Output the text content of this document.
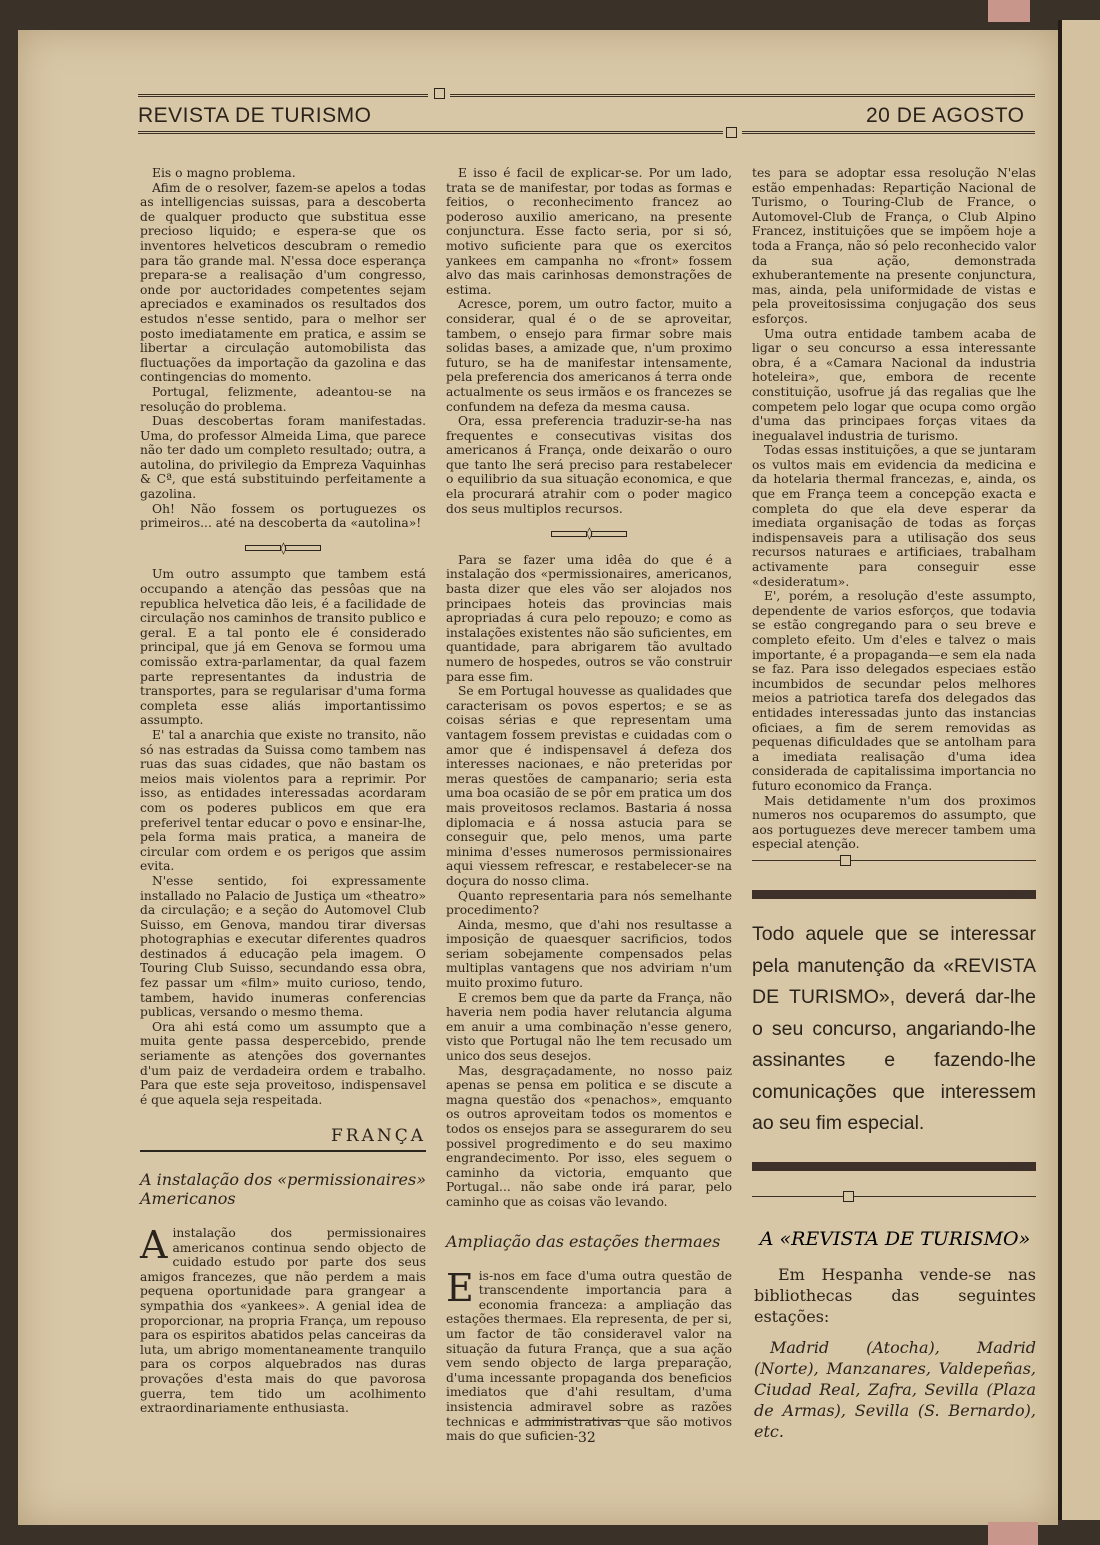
REVISTA DE TURISMO	20 DE AGOSTO

Eis o magno problema.

Afim de o resolver, fazem-se apelos a todas as intelligencias suissas, para a descoberta de qualquer producto que substitua esse precioso liquido; e espera-se que os inventores helveticos descubram o remedio para tão grande mal. N'essa doce esperança prepara-se a realisação d'um congresso, onde por auctoridades competentes sejam apreciados e examinados os resultados dos estudos n'esse sentido, para o melhor ser posto imediatamente em pratica, e assim se libertar a circulação automobilista das fluctuações da importação da gazolina e das contingencias do momento.

Portugal, felizmente, adeantou-se na resolução do problema.

Duas descobertas foram manifestadas. Uma, do professor Almeida Lima, que parece não ter dado um completo resultado; outra, a autolina, do privilegio da Empreza Vaquinhas & Cª, que está substituindo perfeitamente a gazolina.

Oh! Não fossem os portuguezes os primeiros... até na descoberta da «autolina»!

◊

Um outro assumpto que tambem está occupando a atenção das pessôas que na republica helvetica dão leis, é a facilidade de circulação nos caminhos de transito publico e geral. E a tal ponto ele é considerado principal, que já em Genova se formou uma comissão extra-parlamentar, da qual fazem parte representantes da industria de transportes, para se regularisar d'uma forma completa esse aliás importantissimo assumpto.

E' tal a anarchia que existe no transito, não só nas estradas da Suissa como tambem nas ruas das suas cidades, que não bastam os meios mais violentos para a reprimir. Por isso, as entidades interessadas acordaram com os poderes publicos em que era preferivel tentar educar o povo e ensinar-lhe, pela forma mais pratica, a maneira de circular com ordem e os perigos que assim evita.

N'esse sentido, foi expressamente installado no Palacio de Justiça um «theatro» da circulação; e a seção do Automovel Club Suisso, em Genova, mandou tirar diversas photographias e executar diferentes quadros destinados á educação pela imagem. O Touring Club Suisso, secundando essa obra, fez passar um «film» muito curioso, tendo, tambem, havido inumeras conferencias publicas, versando o mesmo thema.

Ora ahi está como um assumpto que a muita gente passa despercebido, prende seriamente as atenções dos governantes d'um paiz de verdadeira ordem e trabalho. Para que este seja proveitoso, indispensavel é que aquela seja respeitada.

FRANÇA
A instalação dos «permissionaires» Americanos

Ainstalação dos permissionaires americanos continua sendo objecto de cuidado estudo por parte dos seus amigos francezes, que não perdem a mais pequena oportunidade para grangear a sympathia dos «yankees». A genial idea de proporcionar, na propria França, um repouso para os espiritos abatidos pelas canceiras da luta, um abrigo momentaneamente tranquilo para os corpos alquebrados nas duras provações d'esta mais do que pavorosa guerra, tem tido um acolhimento extraordinariamente enthusiasta.

E isso é facil de explicar-se. Por um lado, trata se de manifestar, por todas as formas e feitios, o reconhecimento francez ao poderoso auxilio americano, na presente conjunctura. Esse facto seria, por si só, motivo suficiente para que os exercitos yankees em campanha no «front» fossem alvo das mais carinhosas demonstrações de estima.

Acresce, porem, um outro factor, muito a considerar, qual é o de se aproveitar, tambem, o ensejo para firmar sobre mais solidas bases, a amizade que, n'um proximo futuro, se ha de manifestar intensamente, pela preferencia dos americanos á terra onde actualmente os seus irmãos e os francezes se confundem na defeza da mesma causa.

Ora, essa preferencia traduzir-se-ha nas frequentes e consecutivas visitas dos americanos á França, onde deixarão o ouro que tanto lhe será preciso para restabelecer o equilibrio da sua situação economica, e que ela procurará atrahir com o poder magico dos seus multiplos recursos.

◊

Para se fazer uma idêa do que é a instalação dos «permissionaires, americanos, basta dizer que eles vão ser alojados nos principaes hoteis das provincias mais apropriadas á cura pelo repouzo; e como as instalações existentes não são suficientes, em quantidade, para abrigarem tão avultado numero de hospedes, outros se vão construir para esse fim.

Se em Portugal houvesse as qualidades que caracterisam os povos espertos; e se as coisas sérias e que representam uma vantagem fossem previstas e cuidadas com o amor que é indispensavel á defeza dos interesses nacionaes, e não preteridas por meras questões de campanario; seria esta uma boa ocasião de se pôr em pratica um dos mais proveitosos reclamos. Bastaria á nossa diplomacia e á nossa astucia para se conseguir que, pelo menos, uma parte minima d'esses numerosos permissionaires aqui viessem refrescar, e restabelecer-se na doçura do nosso clima.

Quanto representaria para nós semelhante procedimento?

Ainda, mesmo, que d'ahi nos resultasse a imposição de quaesquer sacrificios, todos seriam sobejamente compensados pelas multiplas vantagens que nos adviriam n'um muito proximo futuro.

E cremos bem que da parte da França, não haveria nem podia haver relutancia alguma em anuir a uma combinação n'esse genero, visto que Portugal não lhe tem recusado um unico dos seus desejos.

Mas, desgraçadamente, no nosso paiz apenas se pensa em politica e se discute a magna questão dos «penachos», emquanto os outros aproveitam todos os momentos e todos os ensejos para se assegurarem do seu possivel progredimento e do seu maximo engrandecimento. Por isso, eles seguem o caminho da victoria, emquanto que Portugal... não sabe onde irá parar, pelo caminho que as coisas vão levando.

Ampliação das estações thermaes

Eis-nos em face d'uma outra questão de transcendente importancia para a economia franceza: a ampliação das estações thermaes. Ela representa, de per si, um factor de tão consideravel valor na situação da futura França, que a sua ação vem sendo objecto de larga preparação, d'uma incessante propaganda dos beneficios imediatos que d'ahi resultam, d'uma insistencia admiravel sobre as razões technicas e administrativas que são motivos mais do que suficien-

tes para se adoptar essa resolução N'elas estão empenhadas: Repartição Nacional de Turismo, o Touring-Club de France, o Automovel-Club de França, o Club Alpino Francez, instituições que se impõem hoje a toda a França, não só pelo reconhecido valor da sua ação, demonstrada exhuberantemente na presente conjunctura, mas, ainda, pela uniformidade de vistas e pela proveitosissima conjugação dos seus esforços.

Uma outra entidade tambem acaba de ligar o seu concurso a essa interessante obra, é a «Camara Nacional da industria hoteleira», que, embora de recente constituição, usofrue já das regalias que lhe competem pelo logar que ocupa como orgão d'uma das principaes forças vitaes da inegualavel industria de turismo.

Todas essas instituições, a que se juntaram os vultos mais em evidencia da medicina e da hotelaria thermal francezas, e, ainda, os que em França teem a concepção exacta e completa do que ela deve esperar da imediata organisação de todas as forças indispensaveis para a utilisação dos seus recursos naturaes e artificiaes, trabalham activamente para conseguir esse «desideratum».

E', porém, a resolução d'este assumpto, dependente de varios esforços, que todavia se estão congregando para o seu breve e completo efeito. Um d'eles e talvez o mais importante, é a propaganda—e sem ela nada se faz. Para isso delegados especiaes estão incumbidos de secundar pelos melhores meios a patriotica tarefa dos delegados das entidades interessadas junto das instancias oficiaes, a fim de serem removidas as pequenas dificuldades que se antolham para a imediata realisação d'uma idea considerada de capitalissima importancia no futuro economico da França.

Mais detidamente n'um dos proximos numeros nos ocuparemos do assumpto, que aos portuguezes deve merecer tambem uma especial atenção.

Todo aquele que se interessar pela manutenção da «REVISTA DE TURISMO», deverá dar-lhe o seu concurso, angariando-lhe assinantes e fazendo-lhe comunicações que interessem ao seu fim especial.
A «REVISTA DE TURISMO»
Em Hespanha vende-se nas bibliothecas das seguintes estações:
Madrid (Atocha), Madrid (Norte), Manzanares, Valdepeñas, Ciudad Real, Zafra, Sevilla (Plaza de Armas), Sevilla (S. Bernardo), etc.
32
